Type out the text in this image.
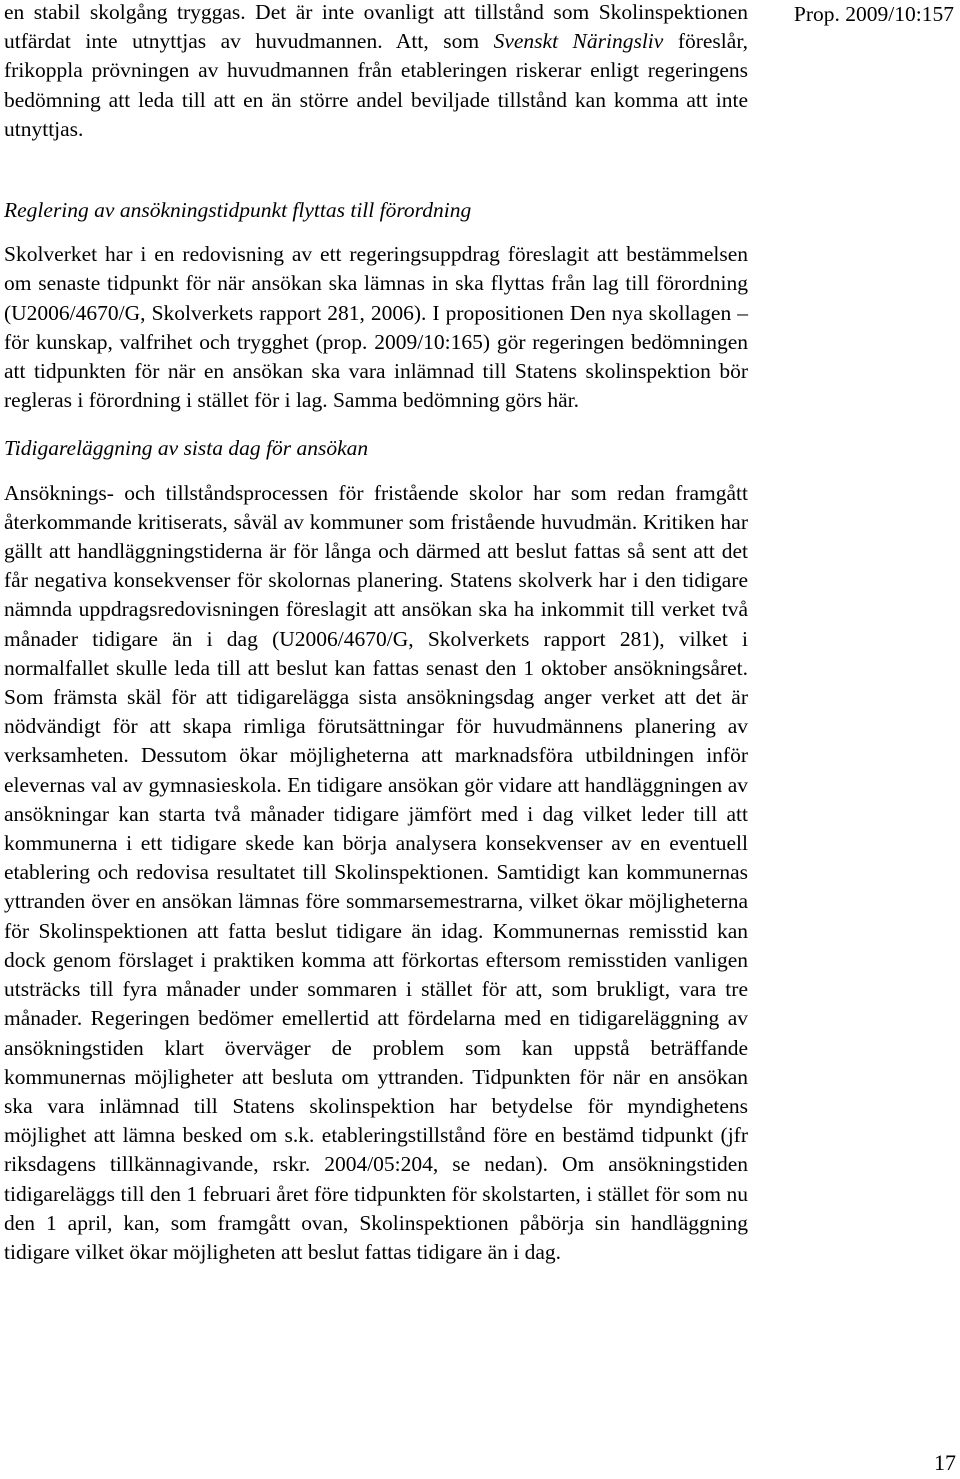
en stabil skolgång tryggas. Det är inte ovanligt att tillstånd som Skolinspektionen utfärdat inte utnyttjas av huvudmannen. Att, som Svenskt Näringsliv föreslår, frikoppla prövningen av huvudmannen från etableringen riskerar enligt regeringens bedömning att leda till att en än större andel beviljade tillstånd kan komma att inte utnyttjas.

Reglering av ansökningstidpunkt flyttas till förordning

Skolverket har i en redovisning av ett regeringsuppdrag föreslagit att bestämmelsen om senaste tidpunkt för när ansökan ska lämnas in ska flyttas från lag till förordning (U2006/4670/G, Skolverkets rapport 281, 2006). I propositionen Den nya skollagen – för kunskap, valfrihet och trygghet (prop. 2009/10:165) gör regeringen bedömningen att tidpunkten för när en ansökan ska vara inlämnad till Statens skolinspektion bör regleras i förordning i stället för i lag. Samma bedömning görs här.

Tidigareläggning av sista dag för ansökan

Ansöknings- och tillståndsprocessen för fristående skolor har som redan framgått återkommande kritiserats, såväl av kommuner som fristående huvudmän. Kritiken har gällt att handläggningstiderna är för långa och därmed att beslut fattas så sent att det får negativa konsekvenser för skolornas planering. Statens skolverk har i den tidigare nämnda uppdragsredovisningen föreslagit att ansökan ska ha inkommit till verket två månader tidigare än i dag (U2006/4670/G, Skolverkets rapport 281), vilket i normalfallet skulle leda till att beslut kan fattas senast den 1 oktober ansökningsåret. Som främsta skäl för att tidigarelägga sista ansökningsdag anger verket att det är nödvändigt för att skapa rimliga förutsättningar för huvudmännens planering av verksamheten. Dessutom ökar möjligheterna att marknadsföra utbildningen inför elevernas val av gymnasieskola. En tidigare ansökan gör vidare att handläggningen av ansökningar kan starta två månader tidigare jämfört med i dag vilket leder till att kommunerna i ett tidigare skede kan börja analysera konsekvenser av en eventuell etablering och redovisa resultatet till Skolinspektionen. Samtidigt kan kommunernas yttranden över en ansökan lämnas före sommarsemestrarna, vilket ökar möjligheterna för Skolinspektionen att fatta beslut tidigare än idag. Kommunernas remisstid kan dock genom förslaget i praktiken komma att förkortas eftersom remisstiden vanligen utsträcks till fyra månader under sommaren i stället för att, som brukligt, vara tre månader. Regeringen bedömer emellertid att fördelarna med en tidigareläggning av ansökningstiden klart överväger de problem som kan uppstå beträffande kommunernas möjligheter att besluta om yttranden. Tidpunkten för när en ansökan ska vara inlämnad till Statens skolinspektion har betydelse för myndighetens möjlighet att lämna besked om s.k. etableringstillstånd före en bestämd tidpunkt (jfr riksdagens tillkännagivande, rskr. 2004/05:204, se nedan). Om ansökningstiden tidigareläggs till den 1 februari året före tidpunkten för skolstarten, i stället för som nu den 1 april, kan, som framgått ovan, Skolinspektionen påbörja sin handläggning tidigare vilket ökar möjligheten att beslut fattas tidigare än i dag.

Prop. 2009/10:157
17
